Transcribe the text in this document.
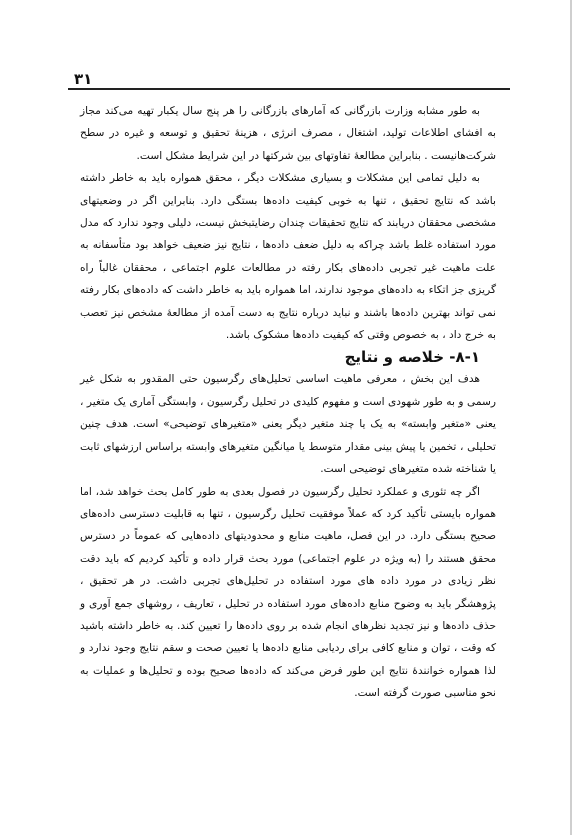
۳۱

به طور مشابه وزارت بازرگانی که آمارهای بازرگانی را هر پنج سال یکبار تهیه می‌کند مجاز به افشای اطلاعات تولید، اشتغال ، مصرف انرژی ، هزینهٔ تحقیق و توسعه و غیره در سطح شرکت‌هانیست . بنابراین مطالعهٔ تفاوتهای بین شرکتها در این شرایط مشکل است.

به دلیل تمامی این مشکلات و بسیاری مشکلات دیگر ، محقق همواره باید به خاطر داشته باشد که نتایج تحقیق ، تنها به خوبی کیفیت داده‌ها بستگی دارد. بنابراین اگر در وضعیتهای مشخصی محققان دریابند که نتایج تحقیقات چندان رضایتبخش نیست، دلیلی وجود ندارد که مدل مورد استفاده غلط باشد چراکه به دلیل ضعف داده‌ها ، نتایج نیز ضعیف خواهد بود متأسفانه به علت ماهیت غیر تجربی داده‌های بکار رفته در مطالعات علوم اجتماعی ، محققان غالباً راه گریزی جز اتکاء به داده‌های موجود ندارند، اما همواره باید به خاطر داشت که داده‌های بکار رفته نمی تواند بهترین داده‌ها باشند و نباید درباره نتایج به دست آمده از مطالعهٔ مشخص نیز تعصب به خرج داد ، به خصوص وقتی که کیفیت داده‌ها مشکوک باشد.

۸-۱- خلاصه و نتایج

هدف این بخش ، معرفی ماهیت اساسی تحلیل‌های رگرسیون حتی المقدور به شکل غیر رسمی و به طور شهودی است و مفهوم کلیدی در تحلیل رگرسیون ، وابستگی آماری یک متغیر ، یعنی «متغیر وابسته» به یک یا چند متغیر دیگر یعنی «متغیرهای توضیحی» است. هدف چنین تحلیلی ، تخمین یا پیش بینی مقدار متوسط یا میانگین متغیرهای وابسته براساس ارزشهای ثابت یا شناخته شده متغیرهای توضیحی است.

اگر چه تئوری و عملکرد تحلیل رگرسیون در فصول بعدی به طور کامل بحث خواهد شد، اما همواره بایستی تأکید کرد که عملاً موفقیت تحلیل رگرسیون ، تنها به قابلیت دسترسی داده‌های صحیح بستگی دارد. در این فصل، ماهیت منابع و محدودیتهای داده‌هایی که عموماً در دسترس محقق هستند را (به ویژه در علوم اجتماعی) مورد بحث قرار داده و تأکید کردیم که باید دقت نظر زیادی در مورد داده های مورد استفاده در تحلیل‌های تجربی داشت. در هر تحقیق ، پژوهشگر باید به وضوح منابع داده‌های مورد استفاده در تحلیل ، تعاریف ، روشهای جمع آوری و حذف داده‌ها و نیز تجدید نظرهای انجام شده بر روی داده‌ها را تعیین کند. به خاطر داشته باشید که وقت ، توان و منابع کافی برای ردیابی منابع داده‌ها یا تعیین صحت و سقم نتایج وجود ندارد و لذا همواره خوانندهٔ نتایج این طور فرض می‌کند که داده‌ها صحیح بوده و تحلیل‌ها و عملیات به نحو مناسبی صورت گرفته است.
